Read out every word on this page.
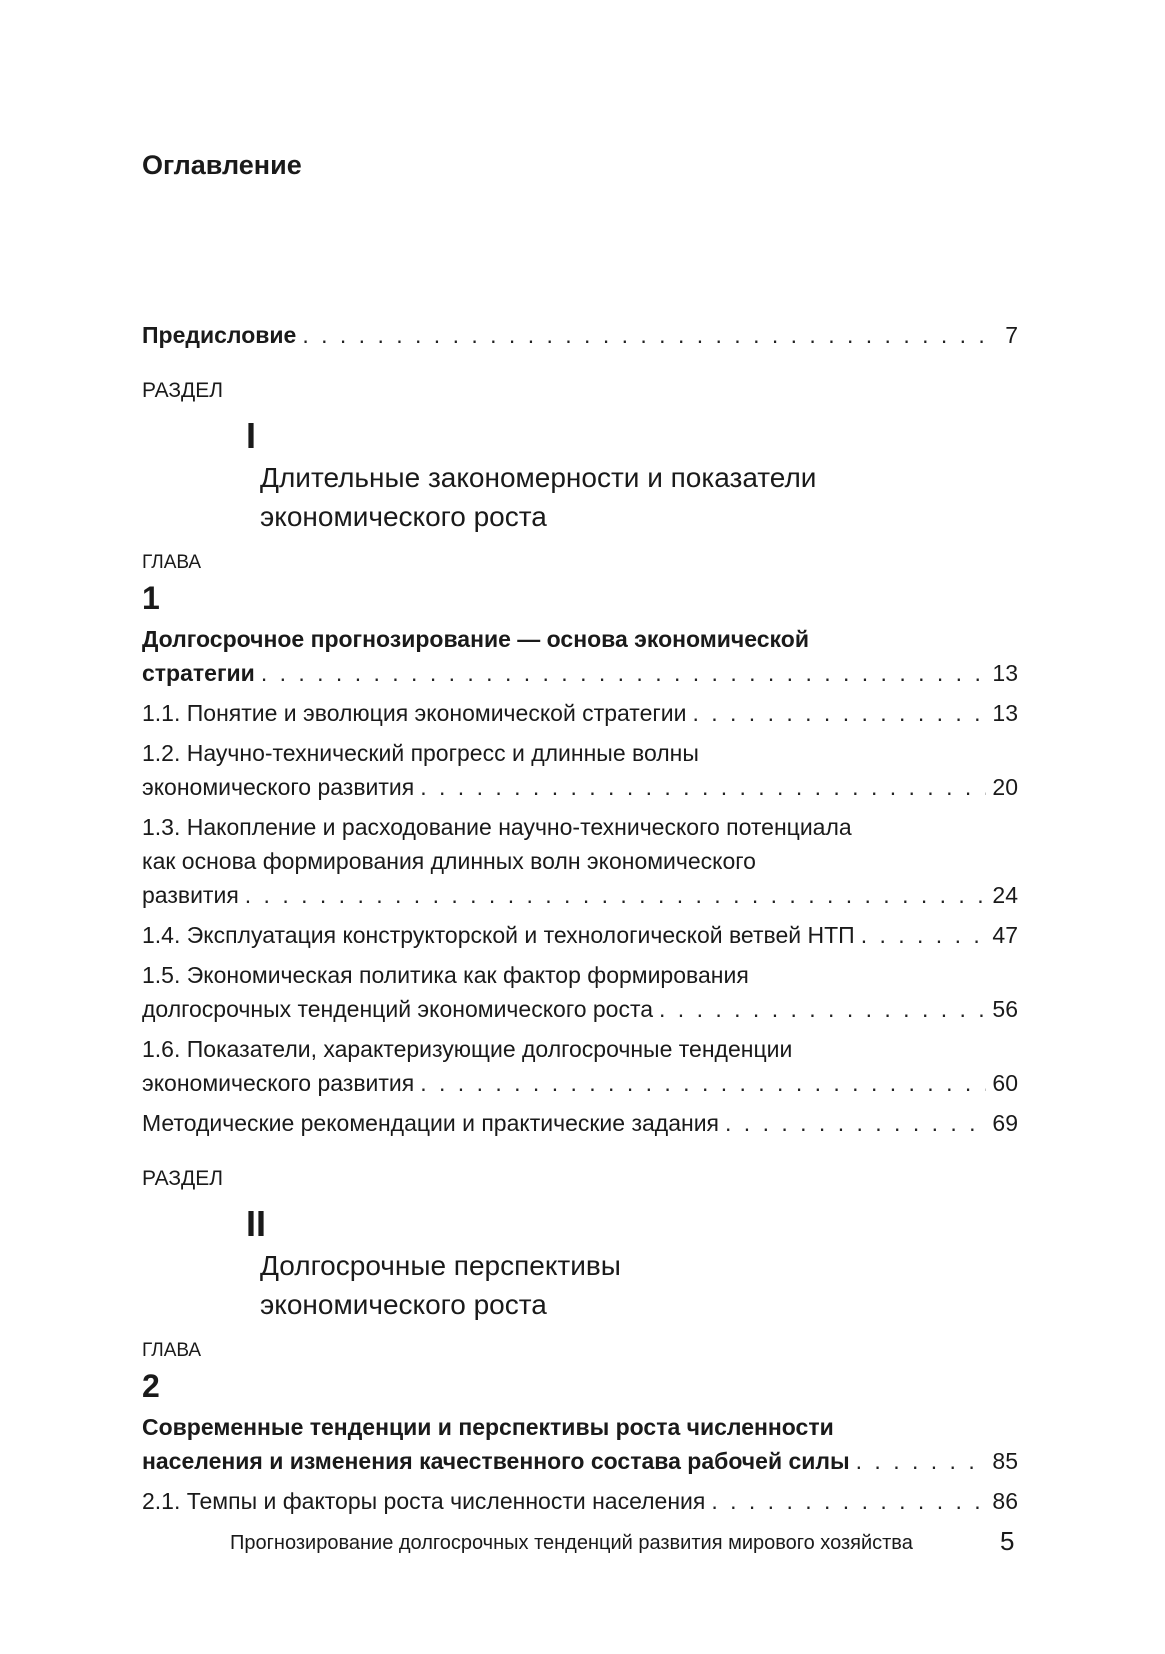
Оглавление
Предисловие . . .	7
РАЗДЕЛ
I
Длительные закономерности и показатели
экономического роста
ГЛАВА
1
Долгосрочное прогнозирование — основа экономической
стратегии . . .	13
1.1. Понятие и эволюция экономической стратегии . . .	13
1.2. Научно-технический прогресс и длинные волны
экономического развития . . .	20
1.3. Накопление и расходование научно-технического потенциала
как основа формирования длинных волн экономического
развития . . .	24
1.4. Эксплуатация конструкторской и технологической ветвей НТП . . .	47
1.5. Экономическая политика как фактор формирования
долгосрочных тенденций экономического роста . . .	56
1.6. Показатели, характеризующие долгосрочные тенденции
экономического развития . . .	60
Методические рекомендации и практические задания . . .	69
РАЗДЕЛ
II
Долгосрочные перспективы
экономического роста
ГЛАВА
2
Современные тенденции и перспективы роста численности
населения и изменения качественного состава рабочей силы . . .	85
2.1. Темпы и факторы роста численности населения . . .	86
Прогнозирование долгосрочных тенденций развития мирового хозяйства	5
